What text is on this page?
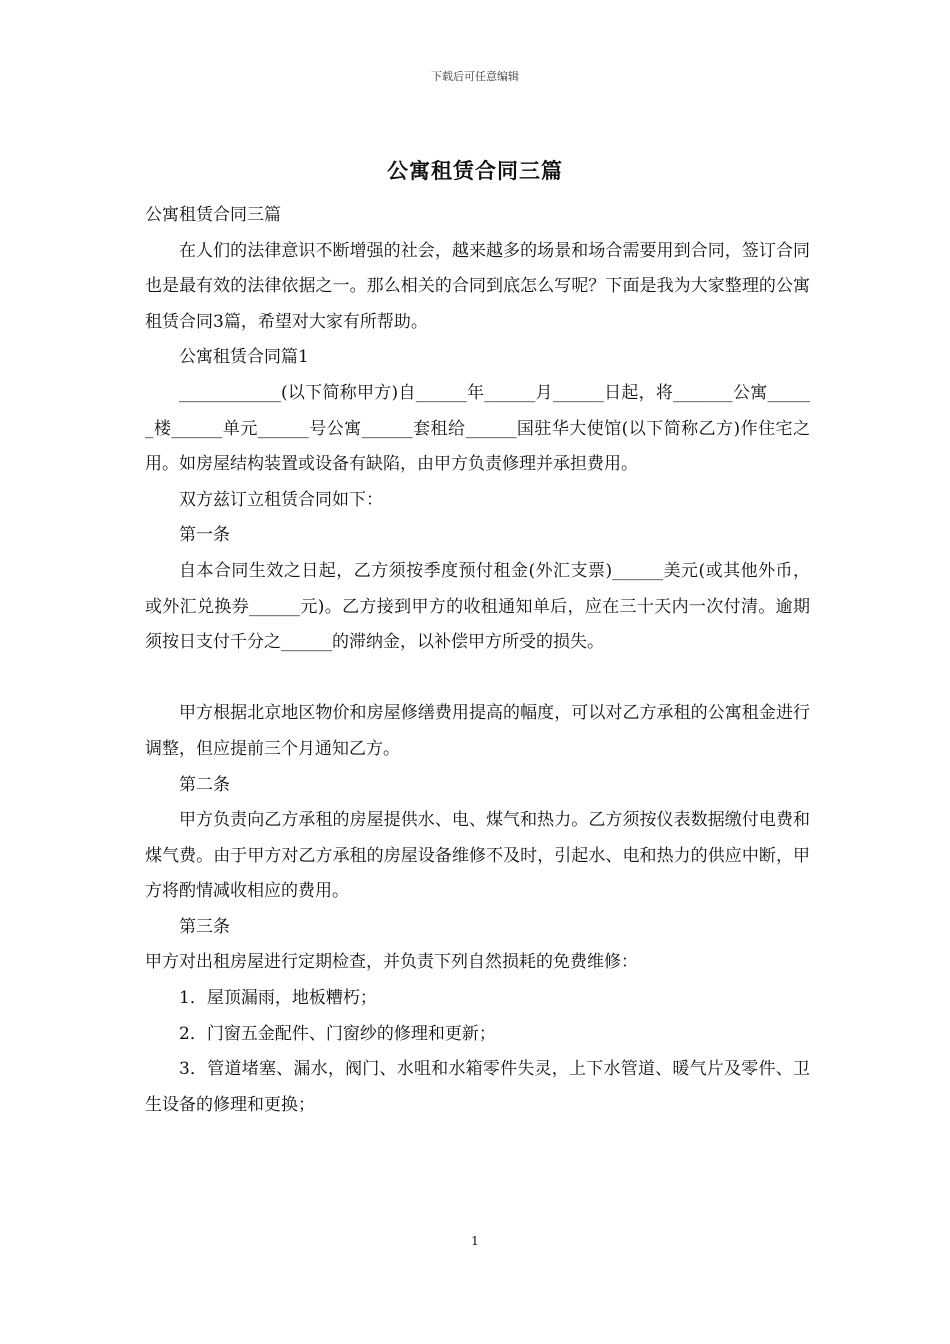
下载后可任意编辑
公寓租赁合同三篇

公寓租赁合同三篇

在人们的法律意识不断增强的社会，越来越多的场景和场合需要用到合同，签订合同也是最有效的法律依据之一。那么相关的合同到底怎么写呢？下面是我为大家整理的公寓租赁合同3篇，希望对大家有所帮助。

公寓租赁合同篇1

____________(以下简称甲方)自______年______月______日起，将_______公寓______楼______单元______号公寓______套租给______国驻华大使馆(以下简称乙方)作住宅之用。如房屋结构装置或设备有缺陷，由甲方负责修理并承担费用。

双方兹订立租赁合同如下：

第一条

自本合同生效之日起，乙方须按季度预付租金(外汇支票)______美元(或其他外币，或外汇兑换券______元)。乙方接到甲方的收租通知单后，应在三十天内一次付清。逾期须按日支付千分之______的滞纳金，以补偿甲方所受的损失。

甲方根据北京地区物价和房屋修缮费用提高的幅度，可以对乙方承租的公寓租金进行调整，但应提前三个月通知乙方。

第二条

甲方负责向乙方承租的房屋提供水、电、煤气和热力。乙方须按仪表数据缴付电费和煤气费。由于甲方对乙方承租的房屋设备维修不及时，引起水、电和热力的供应中断，甲方将酌情减收相应的费用。

第三条

甲方对出租房屋进行定期检查，并负责下列自然损耗的免费维修：

1．屋顶漏雨，地板糟朽；

2．门窗五金配件、门窗纱的修理和更新；

3．管道堵塞、漏水，阀门、水咀和水箱零件失灵，上下水管道、暖气片及零件、卫生设备的修理和更换；

1
